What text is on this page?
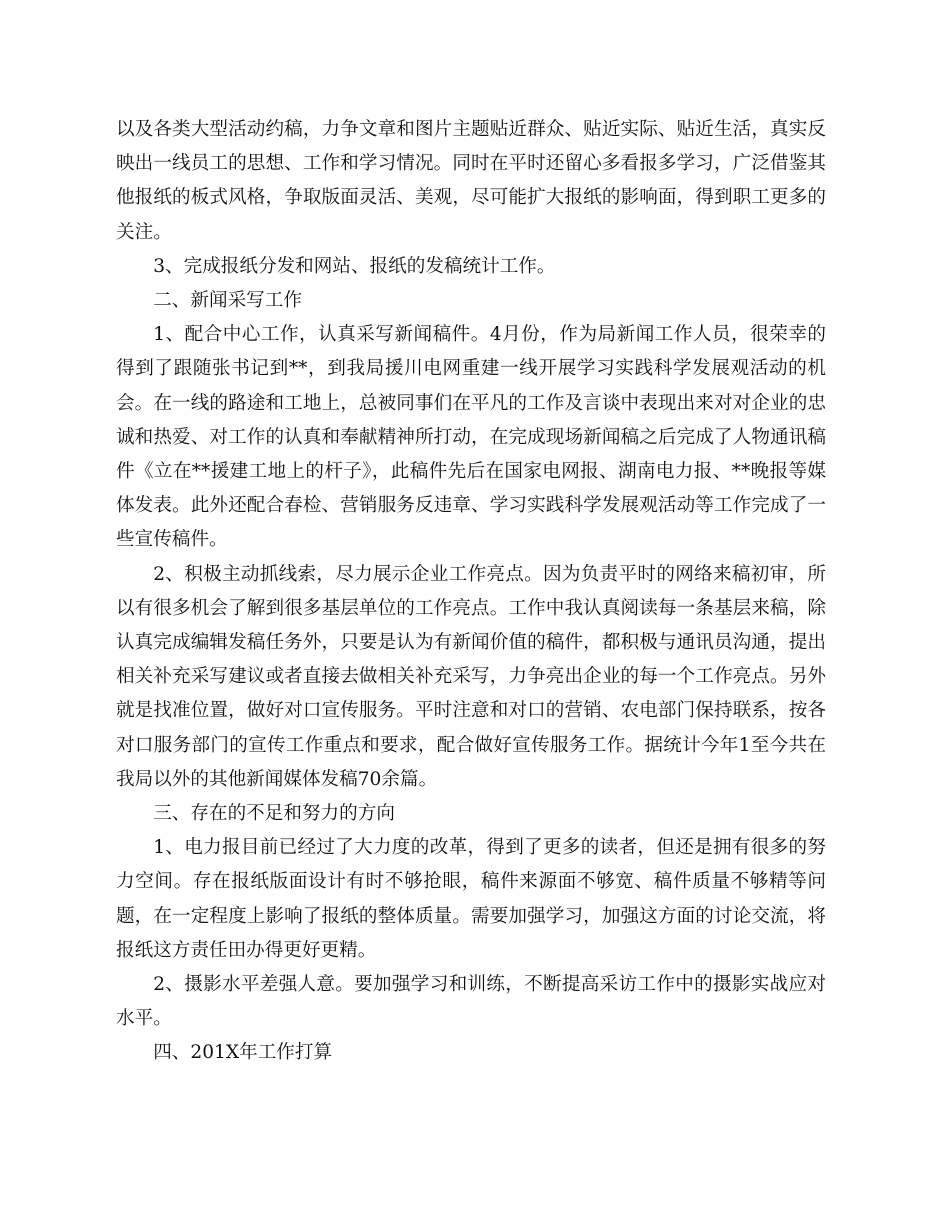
以及各类大型活动约稿，力争文章和图片主题贴近群众、贴近实际、贴近生活，真实反映出一线员工的思想、工作和学习情况。同时在平时还留心多看报多学习，广泛借鉴其他报纸的板式风格，争取版面灵活、美观，尽可能扩大报纸的影响面，得到职工更多的关注。

3、完成报纸分发和网站、报纸的发稿统计工作。

二、新闻采写工作

1、配合中心工作，认真采写新闻稿件。4月份，作为局新闻工作人员，很荣幸的得到了跟随张书记到**，到我局援川电网重建一线开展学习实践科学发展观活动的机会。在一线的路途和工地上，总被同事们在平凡的工作及言谈中表现出来对对企业的忠诚和热爱、对工作的认真和奉献精神所打动，在完成现场新闻稿之后完成了人物通讯稿件《立在**援建工地上的杆子》，此稿件先后在国家电网报、湖南电力报、**晚报等媒体发表。此外还配合春检、营销服务反违章、学习实践科学发展观活动等工作完成了一些宣传稿件。

2、积极主动抓线索，尽力展示企业工作亮点。因为负责平时的网络来稿初审，所以有很多机会了解到很多基层单位的工作亮点。工作中我认真阅读每一条基层来稿，除认真完成编辑发稿任务外，只要是认为有新闻价值的稿件，都积极与通讯员沟通，提出相关补充采写建议或者直接去做相关补充采写，力争亮出企业的每一个工作亮点。另外就是找准位置，做好对口宣传服务。平时注意和对口的营销、农电部门保持联系，按各对口服务部门的宣传工作重点和要求，配合做好宣传服务工作。据统计今年1至今共在我局以外的其他新闻媒体发稿70余篇。

三、存在的不足和努力的方向

1、电力报目前已经过了大力度的改革，得到了更多的读者，但还是拥有很多的努力空间。存在报纸版面设计有时不够抢眼，稿件来源面不够宽、稿件质量不够精等问题，在一定程度上影响了报纸的整体质量。需要加强学习，加强这方面的讨论交流，将报纸这方责任田办得更好更精。

2、摄影水平差强人意。要加强学习和训练，不断提高采访工作中的摄影实战应对水平。

四、201X年工作打算
